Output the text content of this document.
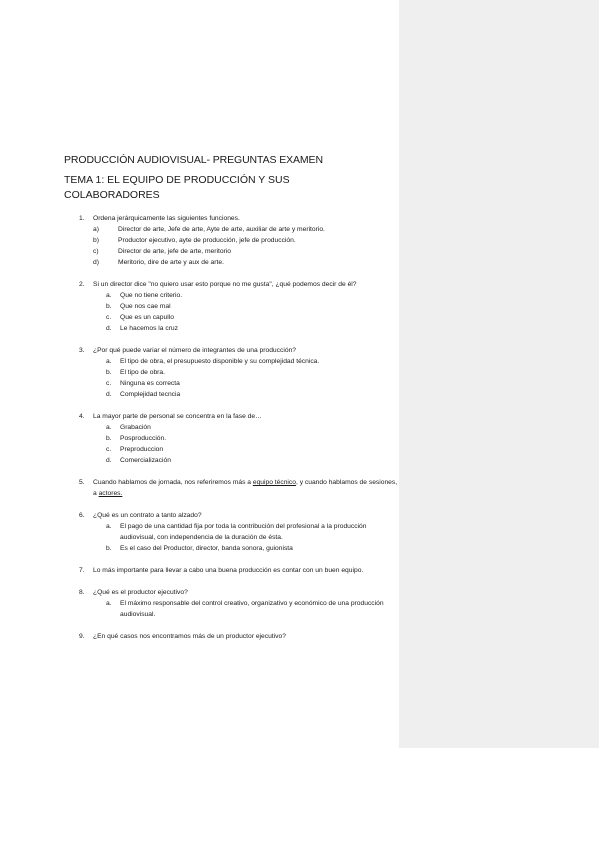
PRODUCCIÓN AUDIOVISUAL- PREGUNTAS EXAMEN

TEMA 1: EL EQUIPO DE PRODUCCIÓN Y SUS COLABORADORES

1. Ordena jerárquicamente las siguientes funciones.
a)	Director de arte, Jefe de arte, Ayte de arte, auxiliar de arte y meritorio.
b)	Productor ejecutivo, ayte de producción, jefe de producción.
c)	Director de arte, jefe de arte, meritorio
d)	Meritorio, dire de arte y aux de arte.
2. Si un director dice "no quiero usar esto porque no me gusta", ¿qué podemos decir de él?
a. Que no tiene criterio.
b. Que nos cae mal
c. Que es un capullo
d. Le hacemos la cruz
3. ¿Por qué puede variar el número de integrantes de una producción?
a. El tipo de obra, el presupuesto disponible y su complejidad técnica.
b. El tipo de obra.
c. Ninguna es correcta
d. Complejidad tecncia
4. La mayor parte de personal se concentra en la fase de…
a. Grabación
b. Posproducción.
c. Preproduccion
d. Comercialización
5. Cuando hablamos de jornada, nos referiremos más a equipo técnico, y cuando hablamos de sesiones, a actores.
6. ¿Qué es un contrato a tanto alzado?
a. El pago de una cantidad fija por toda la contribución del profesional a la producción audiovisual, con independencia de la duración de ésta.
b. Es el caso del Productor, director, banda sonora, guionista
7. Lo más importante para llevar a cabo una buena producción es contar con un buen equipo.
8. ¿Qué es el productor ejecutivo?
a. El máximo responsable del control creativo, organizativo y económico de una producción audiovisual.
9. ¿En qué casos nos encontramos más de un productor ejecutivo?
